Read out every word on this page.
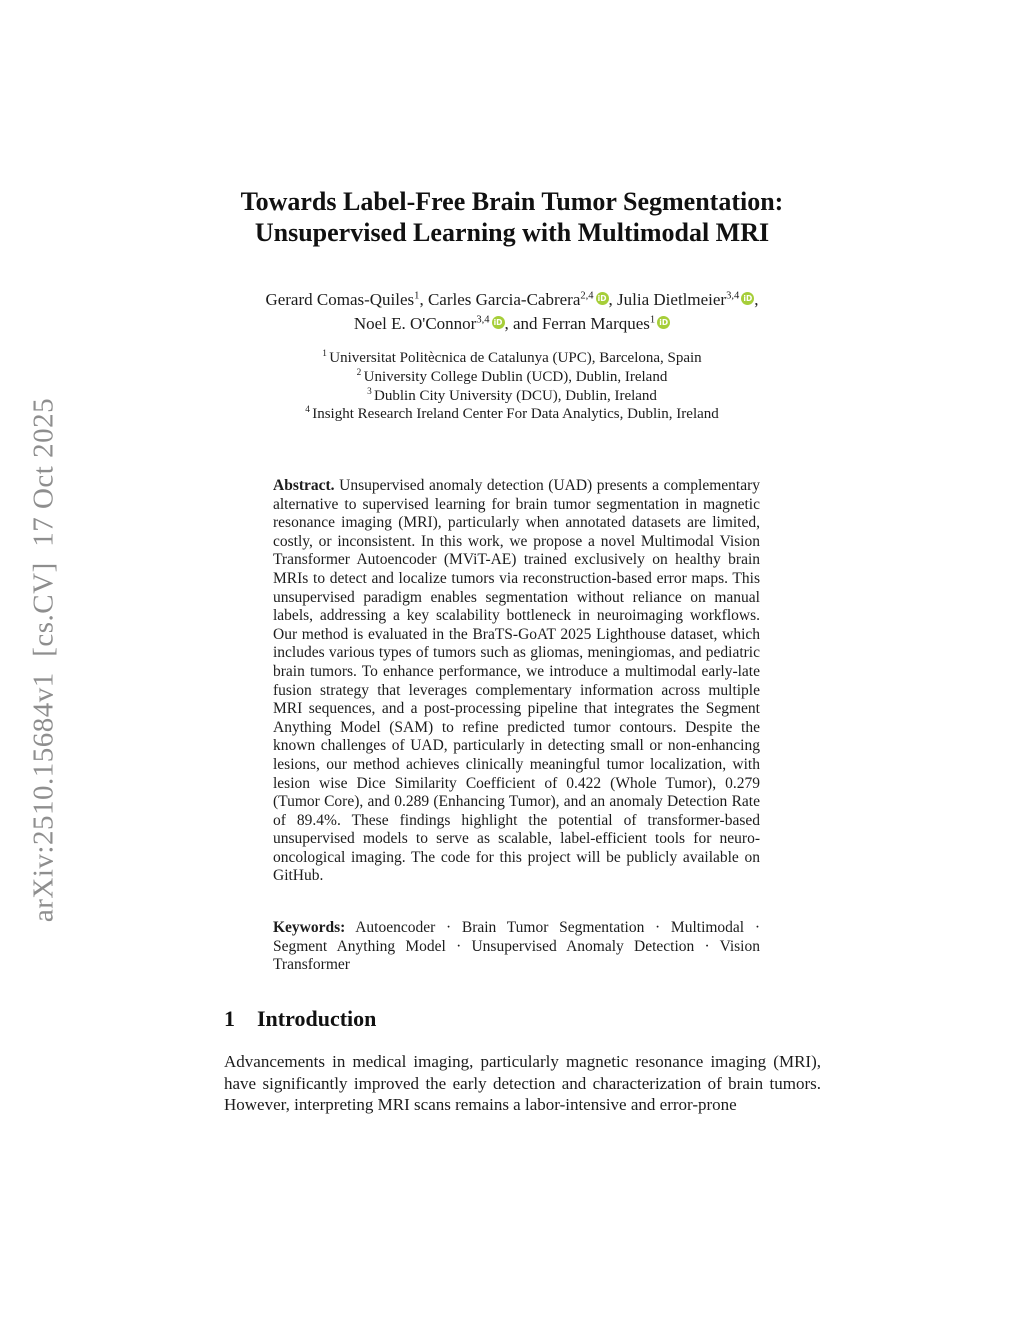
arXiv:2510.15684v1  [cs.CV]  17 Oct 2025
Towards Label-Free Brain Tumor Segmentation:
Unsupervised Learning with Multimodal MRI
Gerard Comas-Quiles$^1$, Carles Garcia-Cabrera$^{2,4}$ iD , Julia Dietlmeier$^{3,4}$ iD ,
Noel E. O'Connor$^{3,4}$ iD , and Ferran Marques$^1$ iD
$^1$ Universitat Politècnica de Catalunya (UPC), Barcelona, Spain
$^2$ University College Dublin (UCD), Dublin, Ireland
$^3$ Dublin City University (DCU), Dublin, Ireland
$^4$ Insight Research Ireland Center For Data Analytics, Dublin, Ireland
Abstract. Unsupervised anomaly detection (UAD) presents a complementary alternative to supervised learning for brain tumor segmentation in magnetic resonance imaging (MRI), particularly when annotated datasets are limited, costly, or inconsistent. In this work, we propose a novel Multimodal Vision Transformer Autoencoder (MViT-AE) trained exclusively on healthy brain MRIs to detect and localize tumors via reconstruction-based error maps. This unsupervised paradigm enables segmentation without reliance on manual labels, addressing a key scalability bottleneck in neuroimaging workflows. Our method is evaluated in the BraTS-GoAT 2025 Lighthouse dataset, which includes various types of tumors such as gliomas, meningiomas, and pediatric brain tumors. To enhance performance, we introduce a multimodal early-late fusion strategy that leverages complementary information across multiple MRI sequences, and a post-processing pipeline that integrates the Segment Anything Model (SAM) to refine predicted tumor contours. Despite the known challenges of UAD, particularly in detecting small or non-enhancing lesions, our method achieves clinically meaningful tumor localization, with lesion wise Dice Similarity Coefficient of 0.422 (Whole Tumor), 0.279 (Tumor Core), and 0.289 (Enhancing Tumor), and an anomaly Detection Rate of 89.4%. These findings highlight the potential of transformer-based unsupervised models to serve as scalable, label-efficient tools for neuro-oncological imaging. The code for this project will be publicly available on GitHub.
Keywords: Autoencoder · Brain Tumor Segmentation · Multimodal · Segment Anything Model · Unsupervised Anomaly Detection · Vision Transformer
1 Introduction

Advancements in medical imaging, particularly magnetic resonance imaging (MRI), have significantly improved the early detection and characterization of brain tumors. However, interpreting MRI scans remains a labor-intensive and error-prone
